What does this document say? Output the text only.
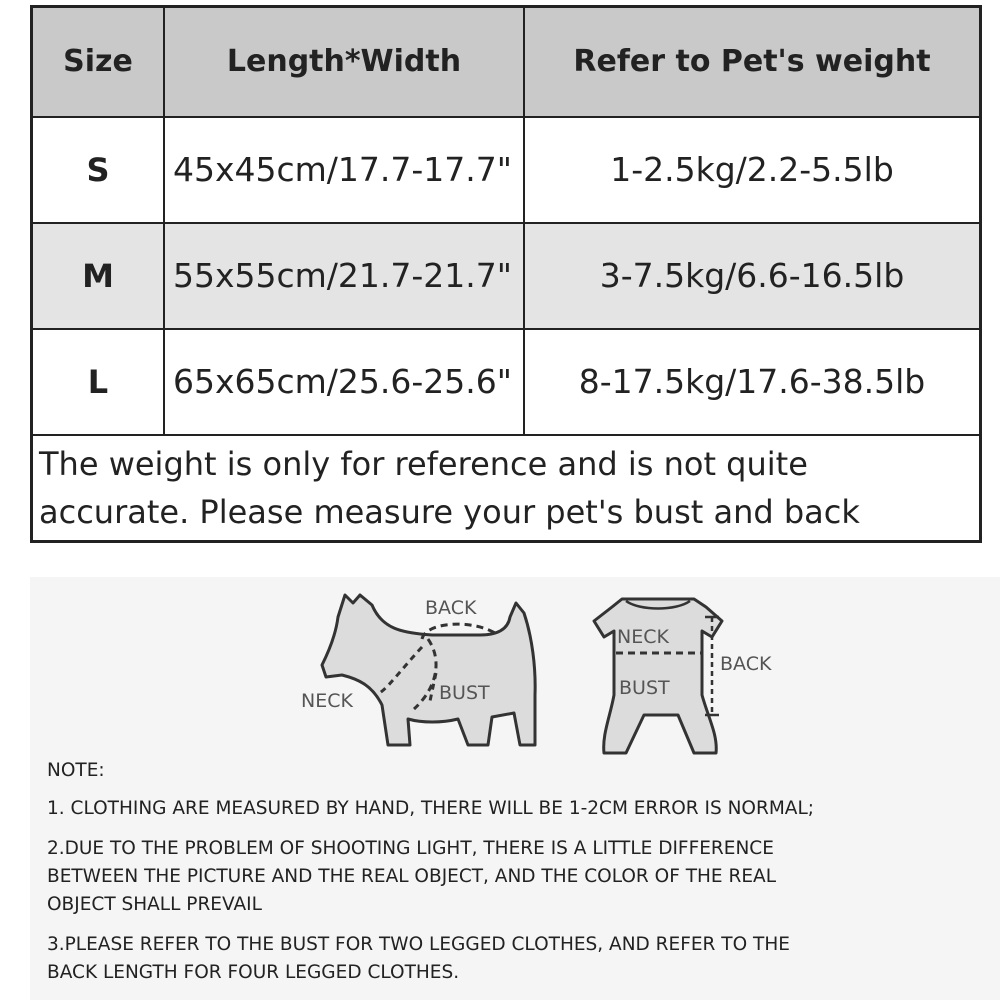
Size	Length*Width	Refer to Pet's weight
S	45x45cm/17.7-17.7"	1-2.5kg/2.2-5.5lb
M	55x55cm/21.7-21.7"	3-7.5kg/6.6-16.5lb
L	65x65cm/25.6-25.6"	8-17.5kg/17.6-38.5lb

The weight is only for reference and is not quite
accurate. Please measure your pet's bust and back		
BACK
NECK	BUST
NECK
BACK
BUST
NOTE:
1. CLOTHING ARE MEASURED BY HAND, THERE WILL BE 1-2CM ERROR IS NORMAL;
2.DUE TO THE PROBLEM OF SHOOTING LIGHT, THERE IS A LITTLE DIFFERENCE
BETWEEN THE PICTURE AND THE REAL OBJECT, AND THE COLOR OF THE REAL
OBJECT SHALL PREVAIL
3.PLEASE REFER TO THE BUST FOR TWO LEGGED CLOTHES, AND REFER TO THE
BACK LENGTH FOR FOUR LEGGED CLOTHES.
